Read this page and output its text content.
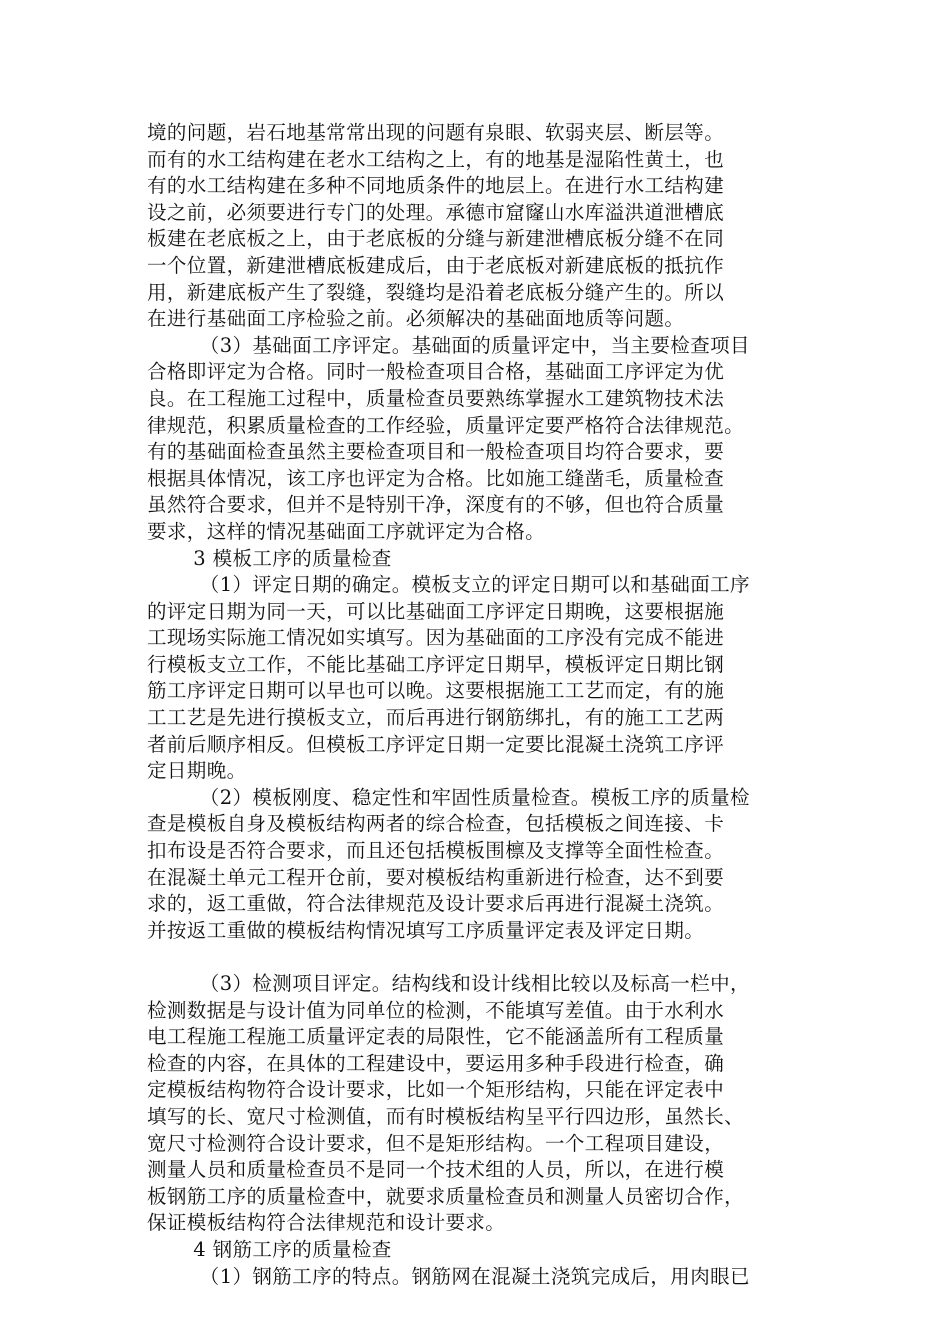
境的问题，岩石地基常常出现的问题有泉眼、软弱夹层、断层等。
而有的水工结构建在老水工结构之上，有的地基是湿陷性黄土，也
有的水工结构建在多种不同地质条件的地层上。在进行水工结构建
设之前，必须要进行专门的处理。承德市窟窿山水库溢洪道泄槽底
板建在老底板之上，由于老底板的分缝与新建泄槽底板分缝不在同
一个位置，新建泄槽底板建成后，由于老底板对新建底板的抵抗作
用，新建底板产生了裂缝，裂缝均是沿着老底板分缝产生的。所以
在进行基础面工序检验之前。必须解决的基础面地质等问题。
（3）基础面工序评定。基础面的质量评定中，当主要检查项目
合格即评定为合格。同时一般检查项目合格，基础面工序评定为优
良。在工程施工过程中，质量检查员要熟练掌握水工建筑物技术法
律规范，积累质量检查的工作经验，质量评定要严格符合法律规范。
有的基础面检查虽然主要检查项目和一般检查项目均符合要求，要
根据具体情况，该工序也评定为合格。比如施工缝凿毛，质量检查
虽然符合要求，但并不是特别干净，深度有的不够，但也符合质量
要求，这样的情况基础面工序就评定为合格。
3 模板工序的质量检查
（1）评定日期的确定。模板支立的评定日期可以和基础面工序
的评定日期为同一天，可以比基础面工序评定日期晚，这要根据施
工现场实际施工情况如实填写。因为基础面的工序没有完成不能进
行模板支立工作，不能比基础工序评定日期早，模板评定日期比钢
筋工序评定日期可以早也可以晚。这要根据施工工艺而定，有的施
工工艺是先进行摸板支立，而后再进行钢筋绑扎，有的施工工艺两
者前后顺序相反。但模板工序评定日期一定要比混凝土浇筑工序评
定日期晚。
（2）模板刚度、稳定性和牢固性质量检查。模板工序的质量检
查是模板自身及模板结构两者的综合检查，包括模板之间连接、卡
扣布设是否符合要求，而且还包括模板围檩及支撑等全面性检查。
在混凝土单元工程开仓前，要对模板结构重新进行检查，达不到要
求的，返工重做，符合法律规范及设计要求后再进行混凝土浇筑。
并按返工重做的模板结构情况填写工序质量评定表及评定日期。
（3）检测项目评定。结构线和设计线相比较以及标高一栏中，
检测数据是与设计值为同单位的检测，不能填写差值。由于水利水
电工程施工程施工质量评定表的局限性，它不能涵盖所有工程质量
检查的内容，在具体的工程建设中，要运用多种手段进行检查，确
定模板结构物符合设计要求，比如一个矩形结构，只能在评定表中
填写的长、宽尺寸检测值，而有时模板结构呈平行四边形，虽然长、
宽尺寸检测符合设计要求，但不是矩形结构。一个工程项目建设，
测量人员和质量检查员不是同一个技术组的人员，所以，在进行模
板钢筋工序的质量检查中，就要求质量检查员和测量人员密切合作，
保证模板结构符合法律规范和设计要求。
4 钢筋工序的质量检查
（1）钢筋工序的特点。钢筋网在混凝土浇筑完成后，用肉眼已
